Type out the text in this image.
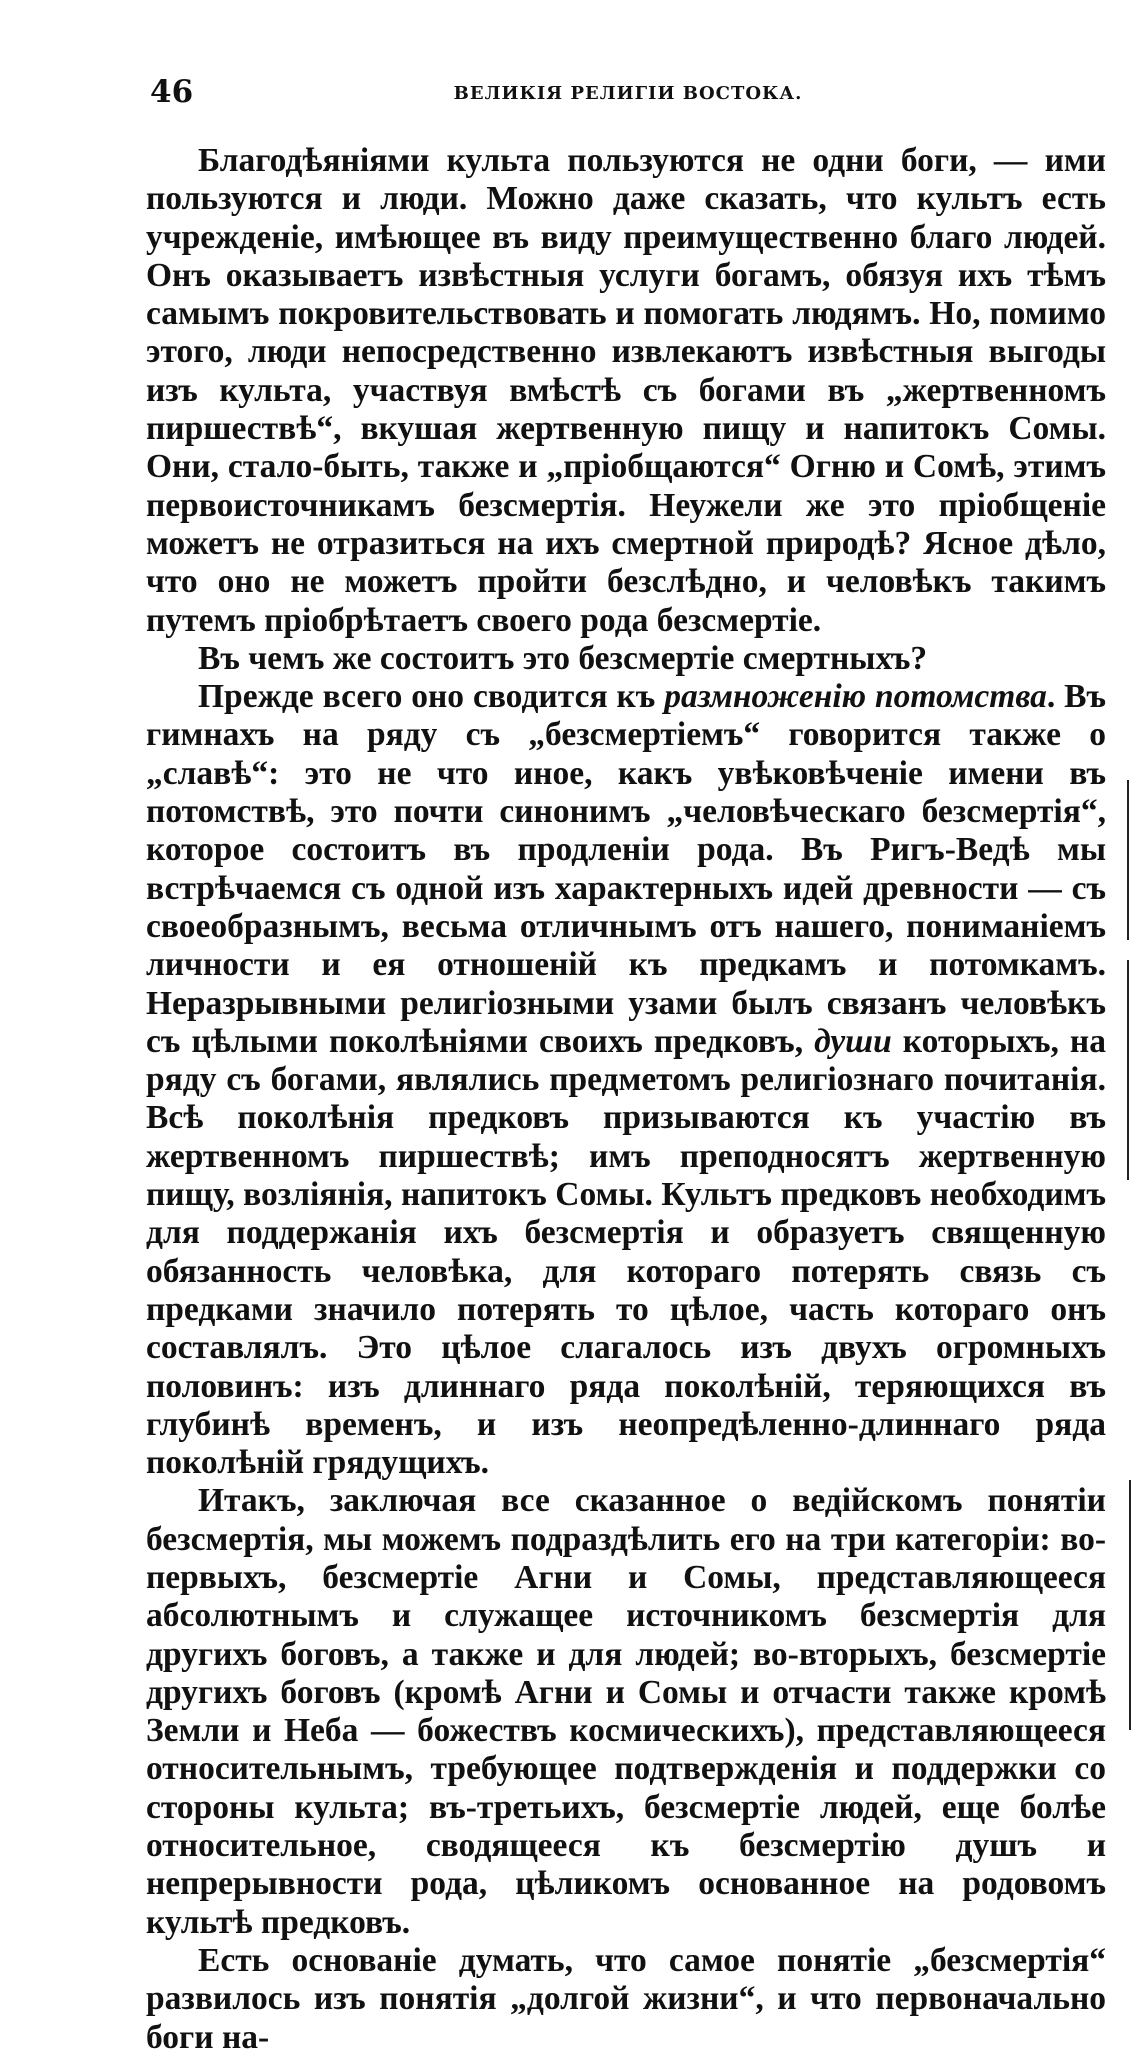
46	ВЕЛИКІЯ РЕЛИГІИ ВОСТОКА.

Благодѣяніями культа пользуются не одни боги, — ими пользуются и люди. Можно даже сказать, что культъ есть учрежденіе, имѣющее въ виду преимущественно благо людей. Онъ оказываетъ извѣстныя услуги богамъ, обязуя ихъ тѣмъ самымъ покровительствовать и помогать людямъ. Но, помимо этого, люди непосредственно извлекаютъ извѣстныя выгоды изъ культа, участвуя вмѣстѣ съ богами въ „жертвенномъ пиршествѣ“, вкушая жертвенную пищу и напитокъ Сомы. Они, стало-быть, также и „пріобщаются“ Огню и Сомѣ, этимъ первоисточникамъ безсмертія. Неужели же это пріобщеніе можетъ не отразиться на ихъ смертной природѣ? Ясное дѣло, что оно не можетъ пройти безслѣдно, и человѣкъ такимъ путемъ пріобрѣтаетъ своего рода безсмертіе.

Въ чемъ же состоитъ это безсмертіе смертныхъ?

Прежде всего оно сводится къ размноженію потомства. Въ гимнахъ на ряду съ „безсмертіемъ“ говорится также о „славѣ“: это не что иное, какъ увѣковѣченіе имени въ потомствѣ, это почти синонимъ „человѣческаго безсмертія“, которое состоитъ въ продленіи рода. Въ Ригъ-Ведѣ мы встрѣчаемся съ одной изъ характерныхъ идей древности — съ своеобразнымъ, весьма отличнымъ отъ нашего, пониманіемъ личности и ея отношеній къ предкамъ и потомкамъ. Неразрывными религіозными узами былъ связанъ человѣкъ съ цѣлыми поколѣніями своихъ предковъ, души которыхъ, на ряду съ богами, являлись предметомъ религіознаго почитанія. Всѣ поколѣнія предковъ призываются къ участію въ жертвенномъ пиршествѣ; имъ преподносятъ жертвенную пищу, возліянія, напитокъ Сомы. Культъ предковъ необходимъ для поддержанія ихъ безсмертія и образуетъ священную обязанность человѣка, для котораго потерять связь съ предками значило потерять то цѣлое, часть котораго онъ составлялъ. Это цѣлое слагалось изъ двухъ огромныхъ половинъ: изъ длиннаго ряда поколѣній, теряющихся въ глубинѣ временъ, и изъ неопредѣленно-длиннаго ряда поколѣній грядущихъ.

Итакъ, заключая все сказанное о ведійскомъ понятіи безсмертія, мы можемъ подраздѣлить его на три категоріи: во-первыхъ, безсмертіе Агни и Сомы, представляющееся абсолютнымъ и служащее источникомъ безсмертія для другихъ боговъ, а также и для людей; во-вторыхъ, безсмертіе другихъ боговъ (кромѣ Агни и Сомы и отчасти также кромѣ Земли и Неба — божествъ космическихъ), представляющееся относительнымъ, требующее подтвержденія и поддержки со стороны культа; въ-третьихъ, безсмертіе людей, еще болѣе относительное, сводящееся къ безсмертію душъ и непрерывности рода, цѣликомъ основанное на родовомъ культѣ предковъ.

Есть основаніе думать, что самое понятіе „безсмертія“ развилось изъ понятія „долгой жизни“, и что первоначально боги на-
